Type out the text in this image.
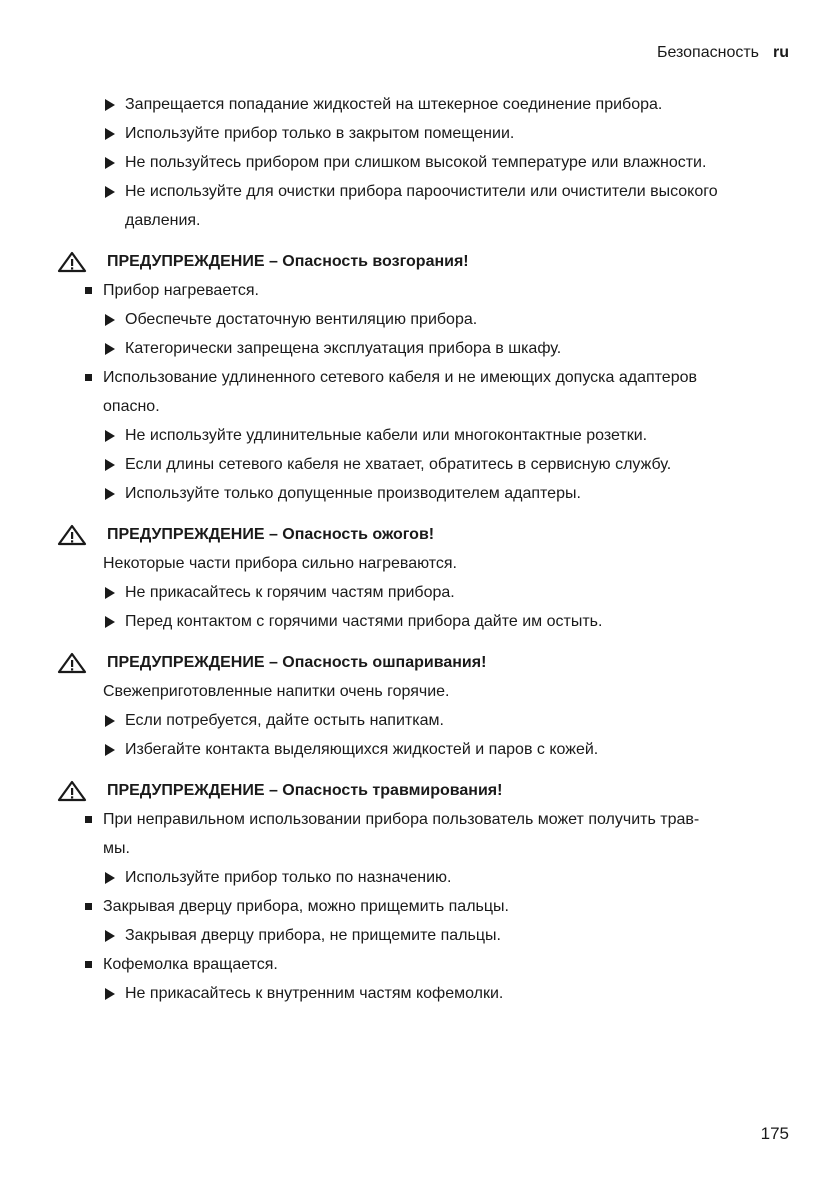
Безопасность ru
Запрещается попадание жидкостей на штекерное соединение прибора.
Используйте прибор только в закрытом помещении.
Не пользуйтесь прибором при слишком высокой температуре или влажности.
Не используйте для очистки прибора пароочистители или очистители высокого
давления.
ПРЕДУПРЕЖДЕНИЕ – Опасность возгорания!
Прибор нагревается.
Обеспечьте достаточную вентиляцию прибора.
Категорически запрещена эксплуатация прибора в шкафу.
Использование удлиненного сетевого кабеля и не имеющих допуска адаптеров
опасно.
Не используйте удлинительные кабели или многоконтактные розетки.
Если длины сетевого кабеля не хватает, обратитесь в сервисную службу.
Используйте только допущенные производителем адаптеры.
ПРЕДУПРЕЖДЕНИЕ – Опасность ожогов!
Некоторые части прибора сильно нагреваются.
Не прикасайтесь к горячим частям прибора.
Перед контактом с горячими частями прибора дайте им остыть.
ПРЕДУПРЕЖДЕНИЕ – Опасность ошпаривания!
Свежеприготовленные напитки очень горячие.
Если потребуется, дайте остыть напиткам.
Избегайте контакта выделяющихся жидкостей и паров с кожей.
ПРЕДУПРЕЖДЕНИЕ – Опасность травмирования!
При неправильном использовании прибора пользователь может получить трав-
мы.
Используйте прибор только по назначению.
Закрывая дверцу прибора, можно прищемить пальцы.
Закрывая дверцу прибора, не прищемите пальцы.
Кофемолка вращается.
Не прикасайтесь к внутренним частям кофемолки.
175
